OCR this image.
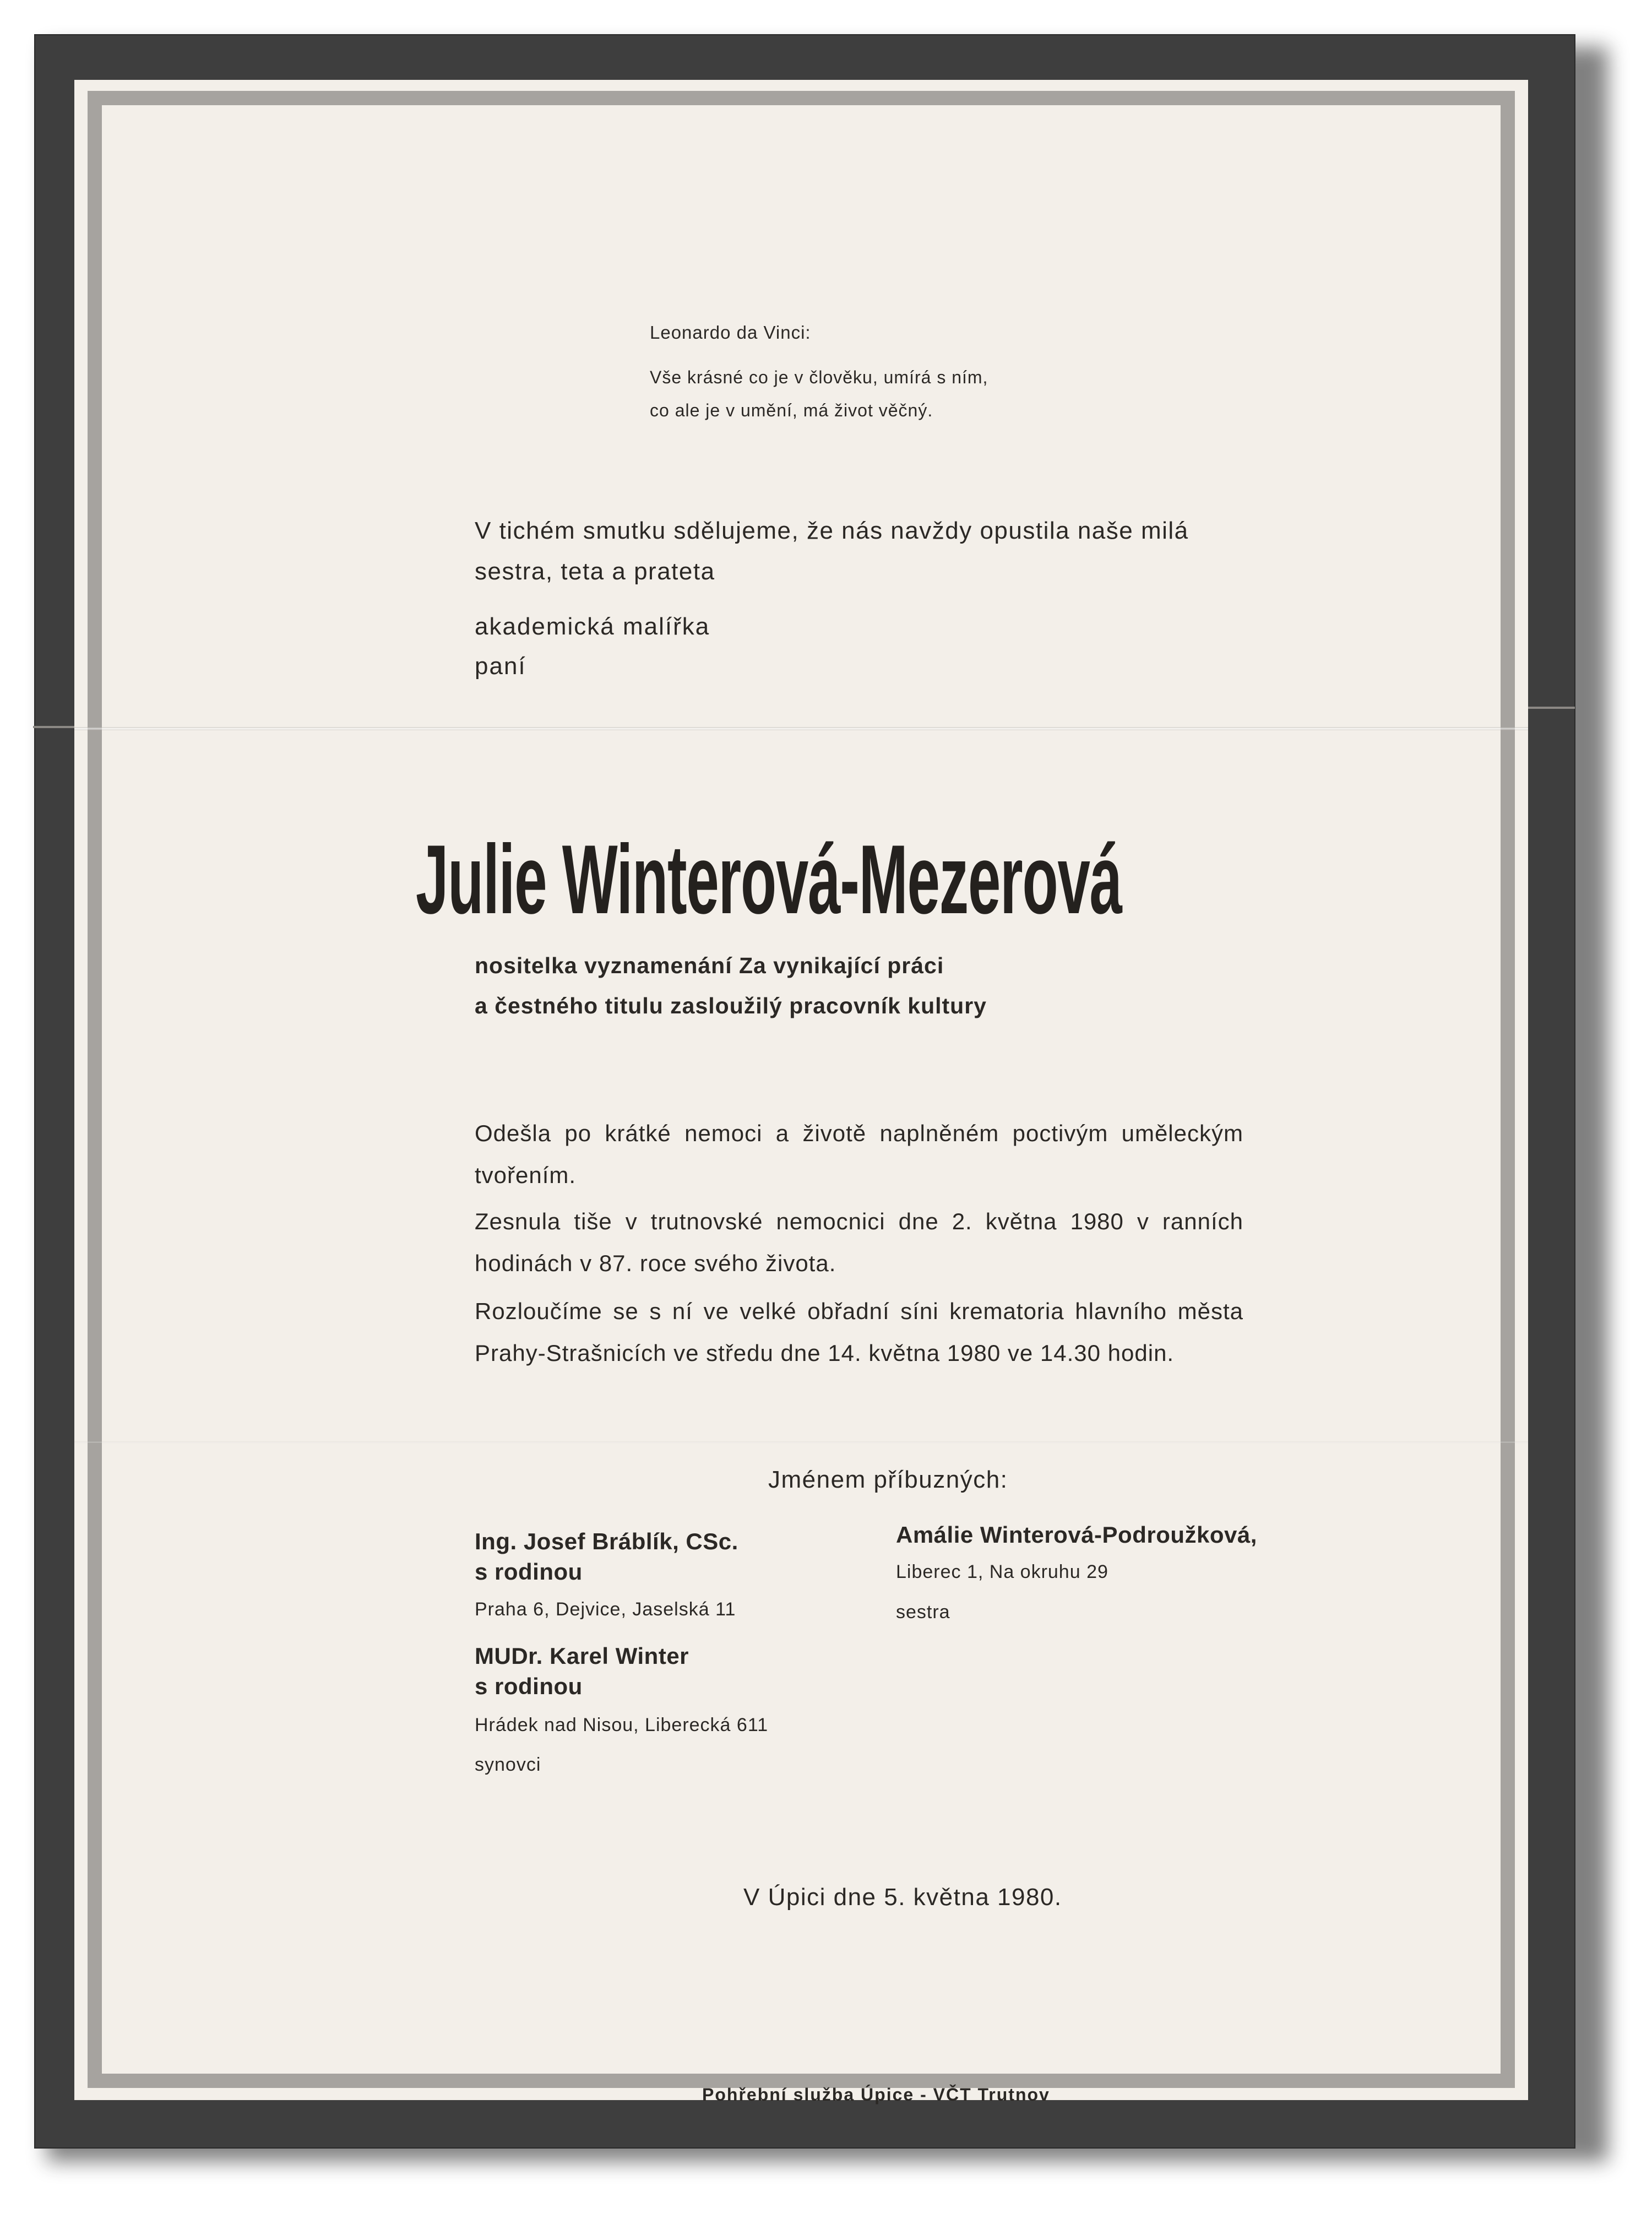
Leonardo da Vinci:

Vše krásné co je v člověku, umírá s ním,

co ale je v umění, má život věčný.

V tichém smutku sdělujeme, že nás navždy opustila naše milá

sestra, teta a prateta

akademická malířka

paní

Julie Winterová-Mezerová

nositelka vyznamenání Za vynikající práci

a čestného titulu zasloužilý pracovník kultury

Odešla po krátké nemoci a životě naplněném poctivým uměleckým tvořením.

Zesnula tiše v trutnovské nemocnici dne 2. května 1980 v ranních hodinách v 87. roce svého života.

Rozloučíme se s ní ve velké obřadní síni krematoria hlavního města Prahy-Strašnicích ve středu dne 14. května 1980 ve 14.30 hodin.

Jménem příbuzných:

Ing. Josef Bráblík, CSc.

s rodinou

Praha 6, Dejvice, Jaselská 11

MUDr. Karel Winter

s rodinou

Hrádek nad Nisou, Liberecká 611

synovci

Amálie Winterová-Podroužková,

Liberec 1, Na okruhu 29

sestra

V Úpici dne 5. května 1980.

Pohřební služba Úpice - VČT Trutnov
